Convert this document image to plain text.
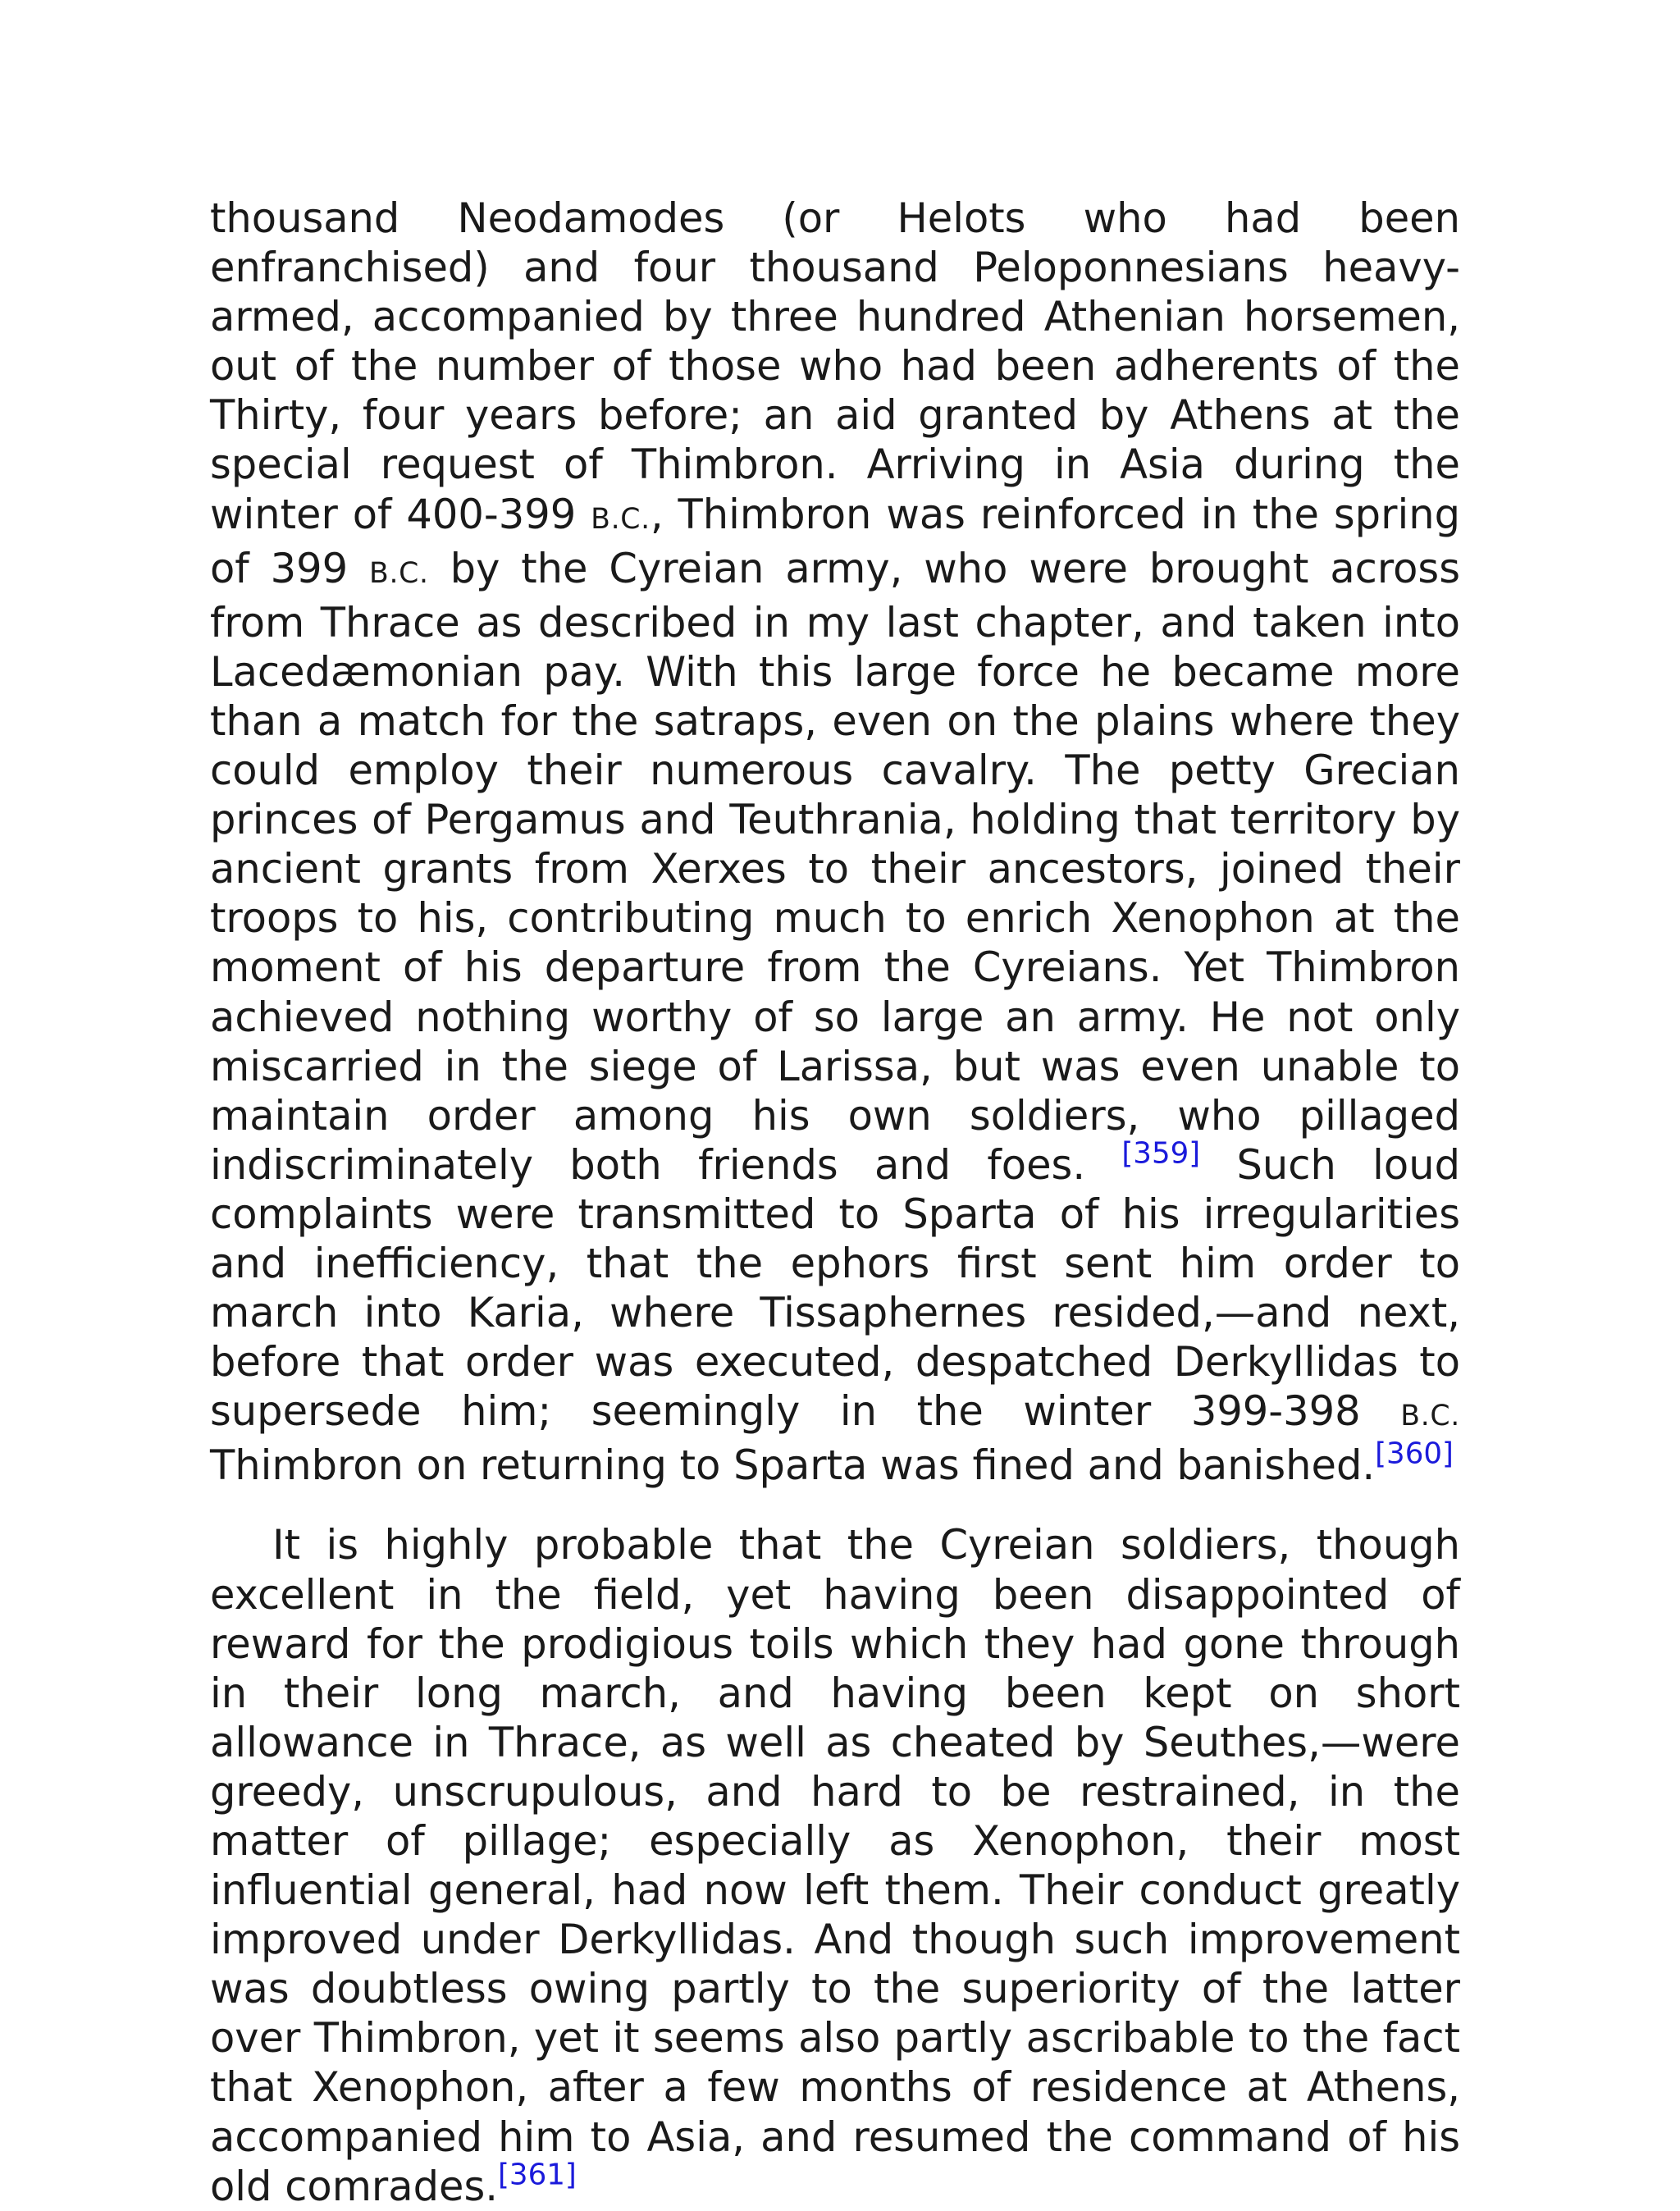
thousand Neodamodes (or Helots who had been enfranchised) and four thousand Peloponnesians heavy-armed, accompanied by three hundred Athenian horsemen, out of the number of those who had been adherents of the Thirty, four years before; an aid granted by Athens at the special request of Thimbron. Arriving in Asia during the winter of 400-399 B.C., Thimbron was reinforced in the spring of 399 B.C. by the Cyreian army, who were brought across from Thrace as described in my last chapter, and taken into Lacedæmonian pay. With this large force he became more than a match for the satraps, even on the plains where they could employ their numerous cavalry. The petty Grecian princes of Pergamus and Teuthrania, holding that territory by ancient grants from Xerxes to their ancestors, joined their troops to his, contributing much to enrich Xenophon at the moment of his departure from the Cyreians. Yet Thimbron achieved nothing worthy of so large an army. He not only miscarried in the siege of Larissa, but was even unable to maintain order among his own soldiers, who pillaged indiscriminately both friends and foes. [359] Such loud complaints were transmitted to Sparta of his irregularities and inefficiency, that the ephors first sent him order to march into Karia, where Tissaphernes resided,—and next, before that order was executed, despatched Derkyllidas to supersede him; seemingly in the winter 399-398 B.C. Thimbron on returning to Sparta was fined and banished.[360]

It is highly probable that the Cyreian soldiers, though excellent in the field, yet having been disappointed of reward for the prodigious toils which they had gone through in their long march, and having been kept on short allowance in Thrace, as well as cheated by Seuthes,—were greedy, unscrupulous, and hard to be restrained, in the matter of pillage; especially as Xenophon, their most influential general, had now left them. Their conduct greatly improved under Derkyllidas. And though such improvement was doubtless owing partly to the superiority of the latter over Thimbron, yet it seems also partly ascribable to the fact that Xenophon, after a few months of residence at Athens, accompanied him to Asia, and resumed the command of his old comrades.[361]
